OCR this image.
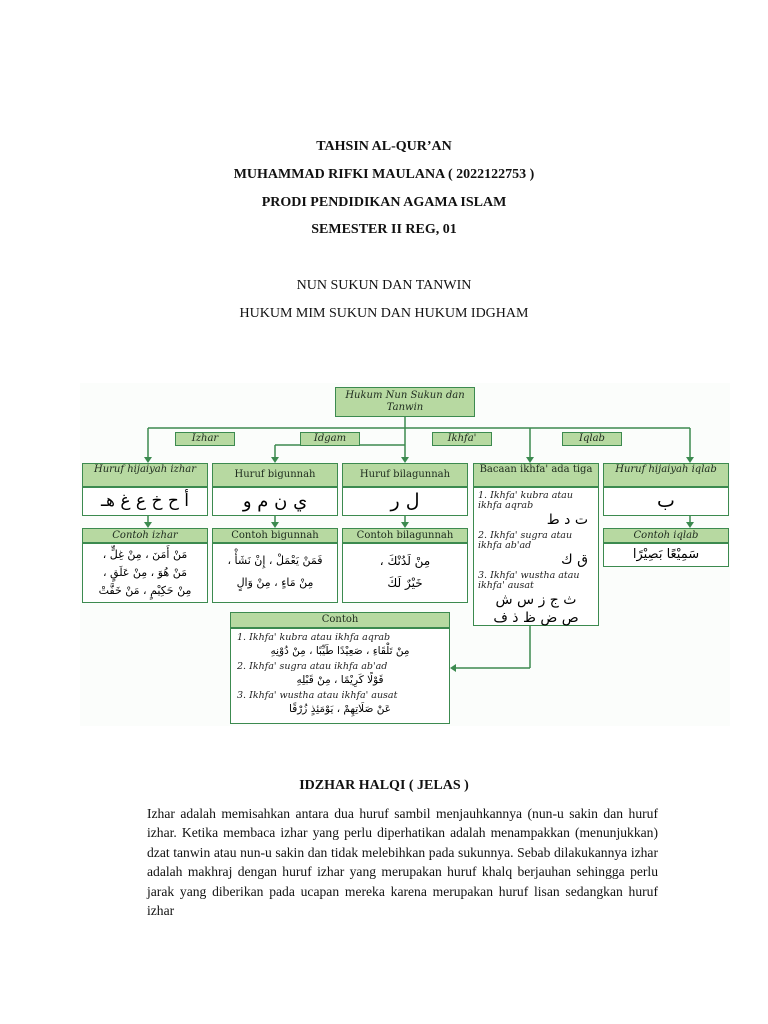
TAHSIN AL-QUR’AN
MUHAMMAD RIFKI MAULANA ( 2022122753 )
PRODI PENDIDIKAN AGAMA ISLAM
SEMESTER II REG, 01
NUN SUKUN DAN TANWIN
HUKUM MIM SUKUN DAN HUKUM IDGHAM
Hukum Nun Sukun dan Tanwin
Izhar	Idgam	Ikhfa'	Iqlab
Huruf hijaiyah izhar
أ ح خ ع غ هـ
Contoh izhar
مَنْ أَمَنَ ، مِنْ غِلٍّ ،
مَنْ هُوَ ، مِنْ عَلَقٍ ،
مِنْ حَكِيْمٍ ، مَنْ خَفَّتْ
Huruf bigunnah
ي ن م و
Contoh bigunnah
فَمَنْ يَعْمَلْ ، إِنْ نَشَأْ ،
مِنْ مَاءٍ ، مِنْ وَالٍ
Huruf bilagunnah
ل ر
Contoh bilagunnah
مِنْ لَدُنْكَ ،
خَيْرٌ لَكَ
Bacaan ikhfa' ada tiga
1. Ikhfa' kubra atau ikhfa aqrab
ت د ط
2. Ikhfa' sugra atau ikhfa ab'ad
ق ك
3. Ikhfa' wustha atau ikhfa' ausat
ث ج ز س ش
ص ض ظ ذ ف
Huruf hijaiyah iqlab
ب
Contoh iqlab
سَمِيْعًا بَصِيْرًا
Contoh
1. Ikhfa' kubra atau ikhfa aqrab
مِنْ تَلْقَاءِ ، صَعِيْدًا طَيِّبًا ، مِنْ دُوْنِهِ
2. Ikhfa' sugra atau ikhfa ab'ad
قَوْلًا كَرِيْمًا ، مِنْ قَبْلِهِ
3. Ikhfa' wustha atau ikhfa' ausat
عَنْ صَلَاتِهِمْ ، يَوْمَئِذٍ زُرْقًا
IDZHAR HALQI ( JELAS )
Izhar adalah memisahkan antara dua huruf sambil menjauhkannya (nun-u sakin dan huruf izhar. Ketika membaca izhar yang perlu diperhatikan adalah menampakkan (menunjukkan) dzat tanwin atau nun-u sakin dan tidak melebihkan pada sukunnya. Sebab dilakukannya izhar adalah makhraj dengan huruf izhar yang merupakan huruf khalq berjauhan sehingga perlu jarak yang diberikan pada ucapan mereka karena merupakan huruf lisan sedangkan huruf izhar
